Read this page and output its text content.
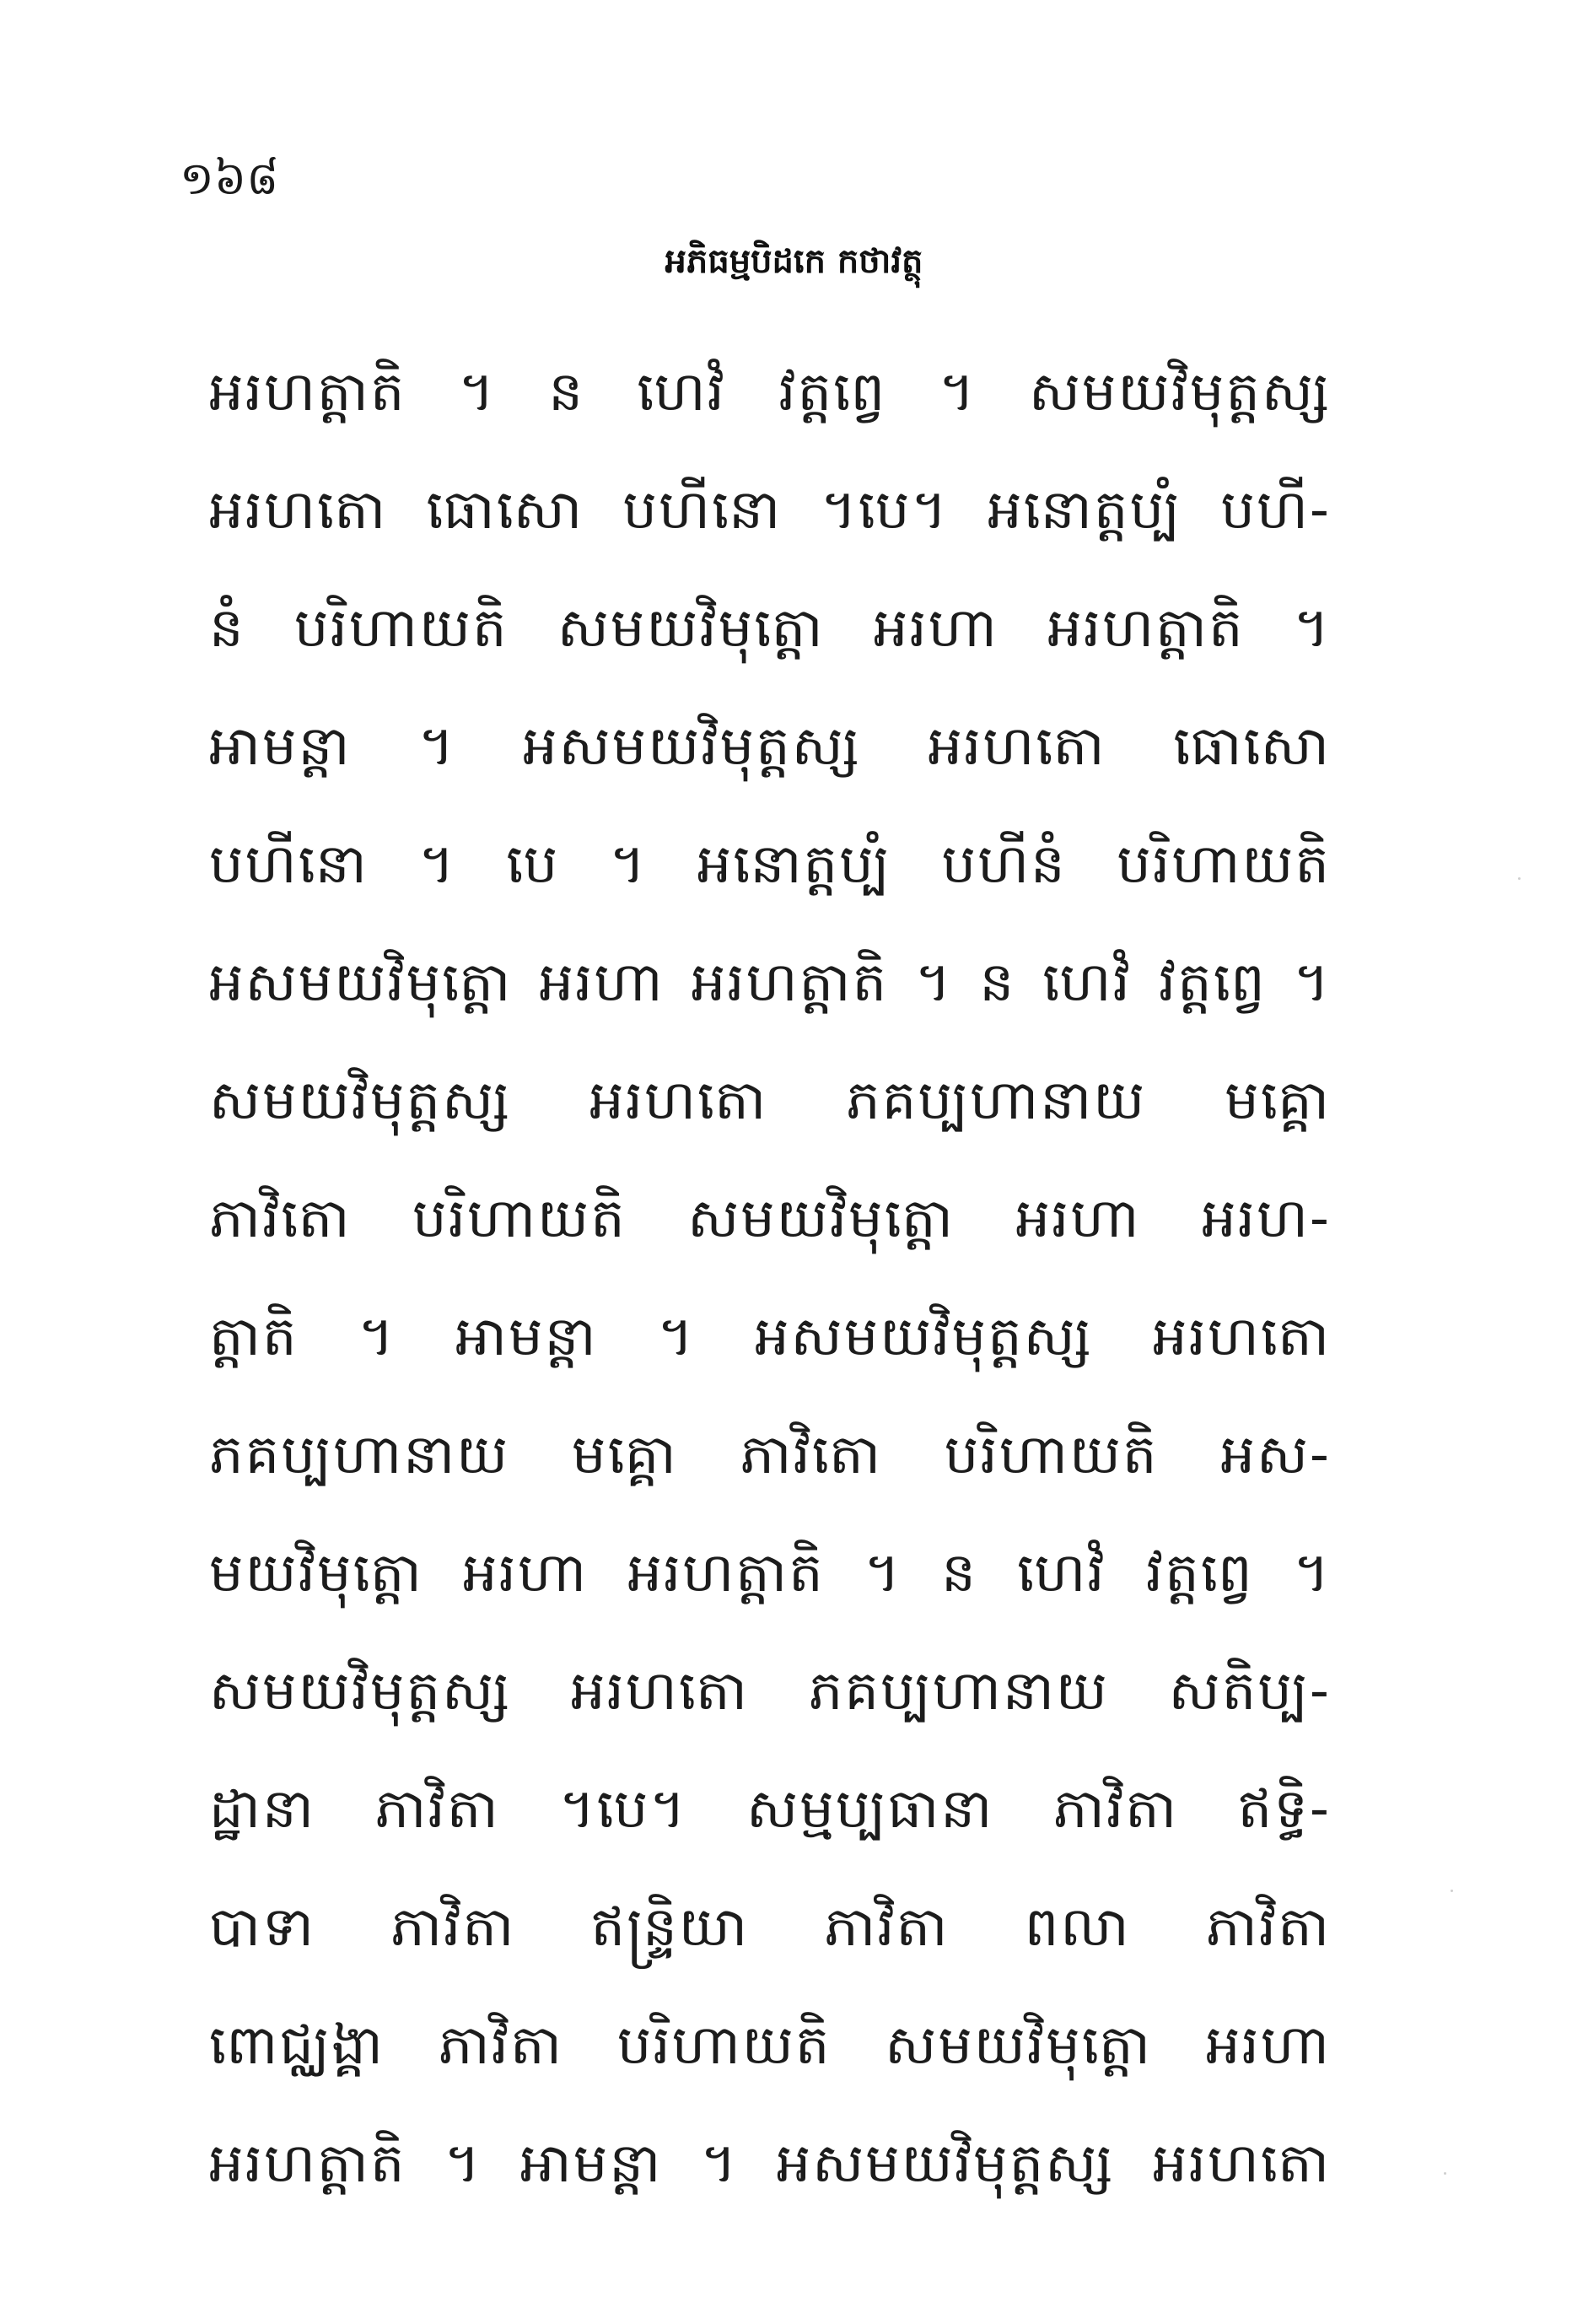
១៦៨
អភិធម្មបិដកេ កថាវត្ថុ
អរហត្តាតិ ។ ន ហេវំ វត្តព្វេ ។ សមយវិមុត្តស្ស
អរហតោ ធោសោ បហីនោ ។បេ។ អនោត្តប្បំ បហី-
នំ បរិហាយតិ សមយវិមុត្តោ អរហា អរហត្តាតិ ។
អាមន្តា ។ អសមយវិមុត្តស្ស អរហតោ ធោសោ
បហីនោ ។ បេ ។ អនោត្តប្បំ បហីនំ បរិហាយតិ
អសមយវិមុត្តោ អរហា អរហត្តាតិ ។ ន ហេវំ វត្តព្វេ ។
សមយវិមុត្តស្ស អរហតោ ភគប្បហានាយ មគ្គោ
ភាវិតោ បរិហាយតិ សមយវិមុត្តោ អរហា អរហ-
ត្តាតិ ។ អាមន្តា ។ អសមយវិមុត្តស្ស អរហតោ
ភគប្បហានាយ មគ្គោ ភាវិតោ បរិហាយតិ អស-
មយវិមុត្តោ អរហា អរហត្តាតិ ។ ន ហេវំ វត្តព្វេ ។
សមយវិមុត្តស្ស អរហតោ ភគប្បហានាយ សតិប្ប-
ដ្ឋានា ភាវិតា ។បេ។ សម្មប្បធានា ភាវិតា ឥទ្ធិ-
បាទា ភាវិតា ឥន្ទ្រិយា ភាវិតា ពលា ភាវិតា
ពោជ្ឈង្គា ភាវិតា បរិហាយតិ សមយវិមុត្តោ អរហា
អរហត្តាតិ ។ អាមន្តា ។ អសមយវិមុត្តស្ស អរហតោ
